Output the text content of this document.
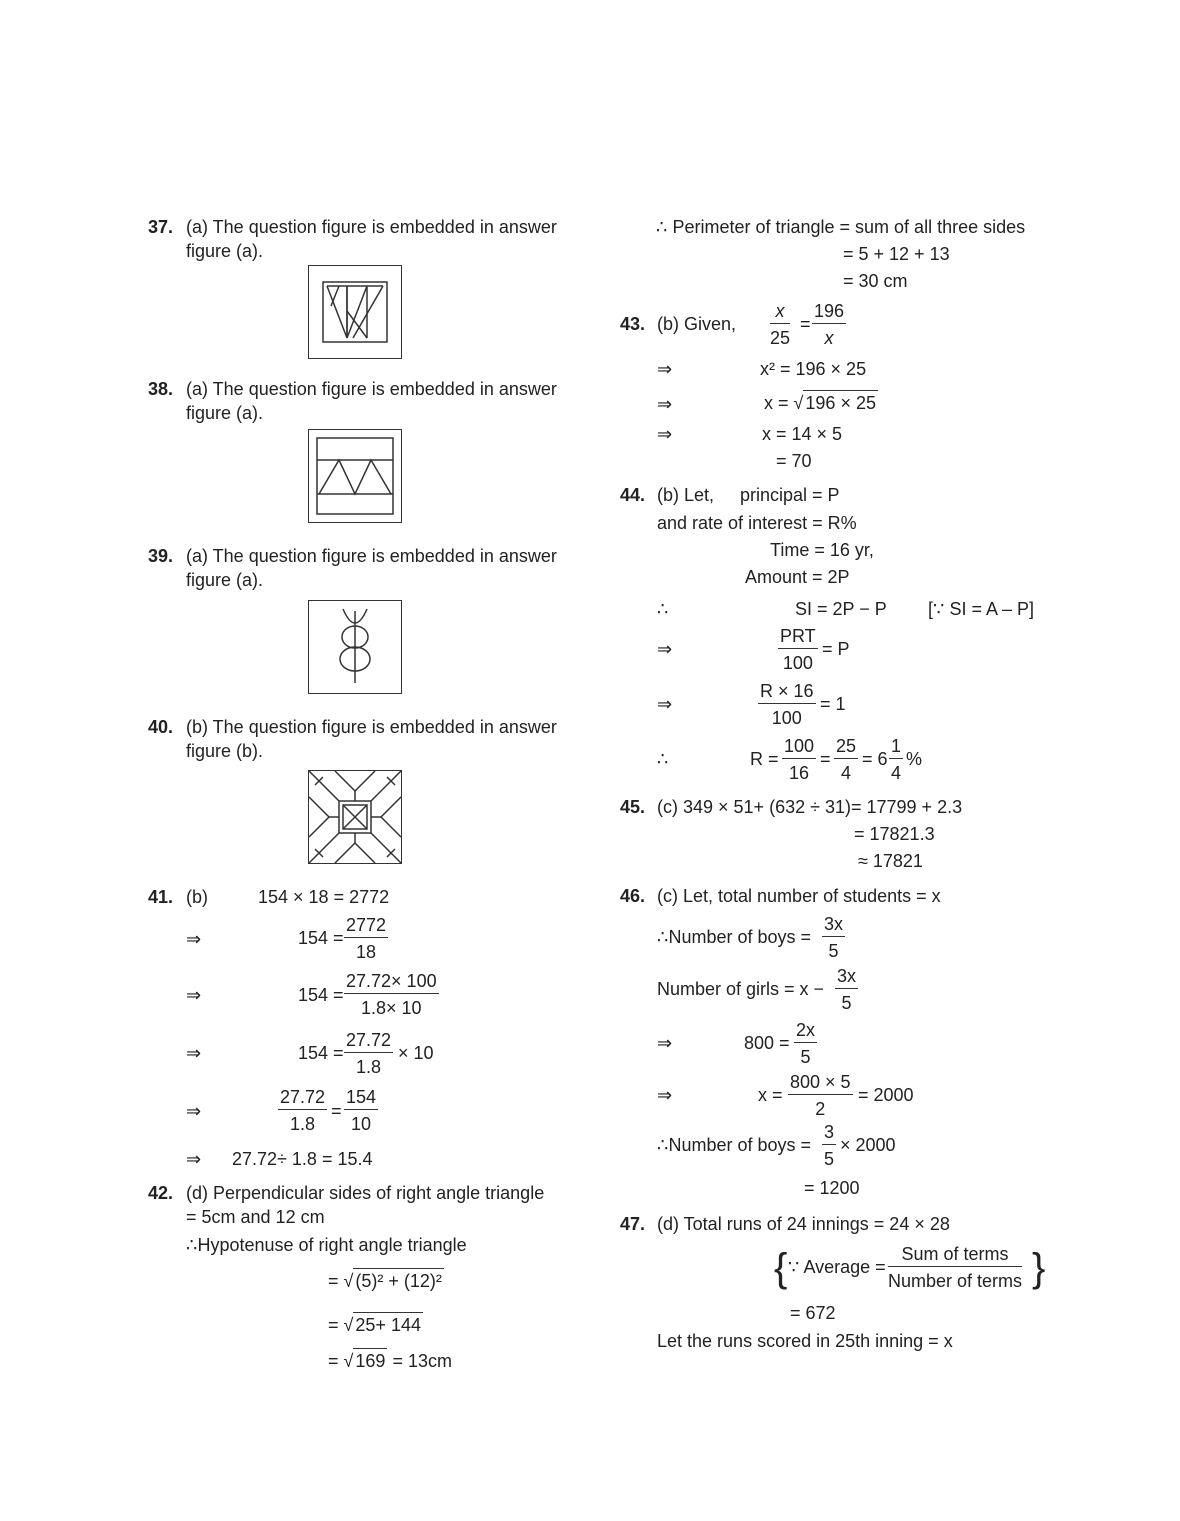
37. (a) The question figure is embedded in answer
figure (a).
38. (a) The question figure is embedded in answer
figure (a).
39. (a) The question figure is embedded in answer
figure (a).
40. (b) The question figure is embedded in answer
figure (b).
41. (b)	154 × 18 = 2772
⇒	$154 = \frac{2772}{18}$
⇒	$154 = \frac{27.72\times 100}{1.8\times 10}$
⇒	$154 = \frac{27.72}{1.8} \times 10$
⇒	$\frac{27.72}{1.8} = \frac{154}{10}$
⇒ 27.72÷ 1.8 = 15.4
42. (d) Perpendicular sides of right angle triangle
= 5cm and 12 cm
∴Hypotenuse of right angle triangle
= √ (5)² + (12)²
= √ 25+ 144
= √ 169 = 13cm
∴ Perimeter of triangle = sum of all three sides
= 5 + 12 + 13
= 30 cm
43. (b) Given, $\frac{x}{25} = \frac{196}{x}$
⇒	x² = 196 × 25
⇒	x = √ 196 × 25
⇒	x = 14 × 5
= 70
44. (b) Let, principal = P
and rate of interest = R%
Time = 16 yr,
Amount = 2P
∴	SI = 2P − P [∵ SI = A – P]
⇒
PRT
100
= P
⇒	$\frac{R \times 16}{100} = 1$
∴	$R = \frac{100}{16} = \frac{25}{4} = 6 \frac{1}{4}$ %
45. (c) 349 × 51+ (632 ÷ 31)= 17799 + 2.3
= 17821.3
≈ 17821
46. (c) Let, total number of students = x
∴Number of boys = $\frac{3x}{5}$
Number of girls = $x - \frac{3x}{5}$
⇒	$800 = \frac{2x}{5}$
⇒	$x = \frac{800 \times 5}{2} = 2000$
∴Number of boys = $\frac{3}{5} \times 2000$
= 1200
47. (d) Total runs of 24 innings = 24 × 28
{ ∵ Average =
Sum of terms
Number of terms }
= 672
Let the runs scored in 25th inning = x
